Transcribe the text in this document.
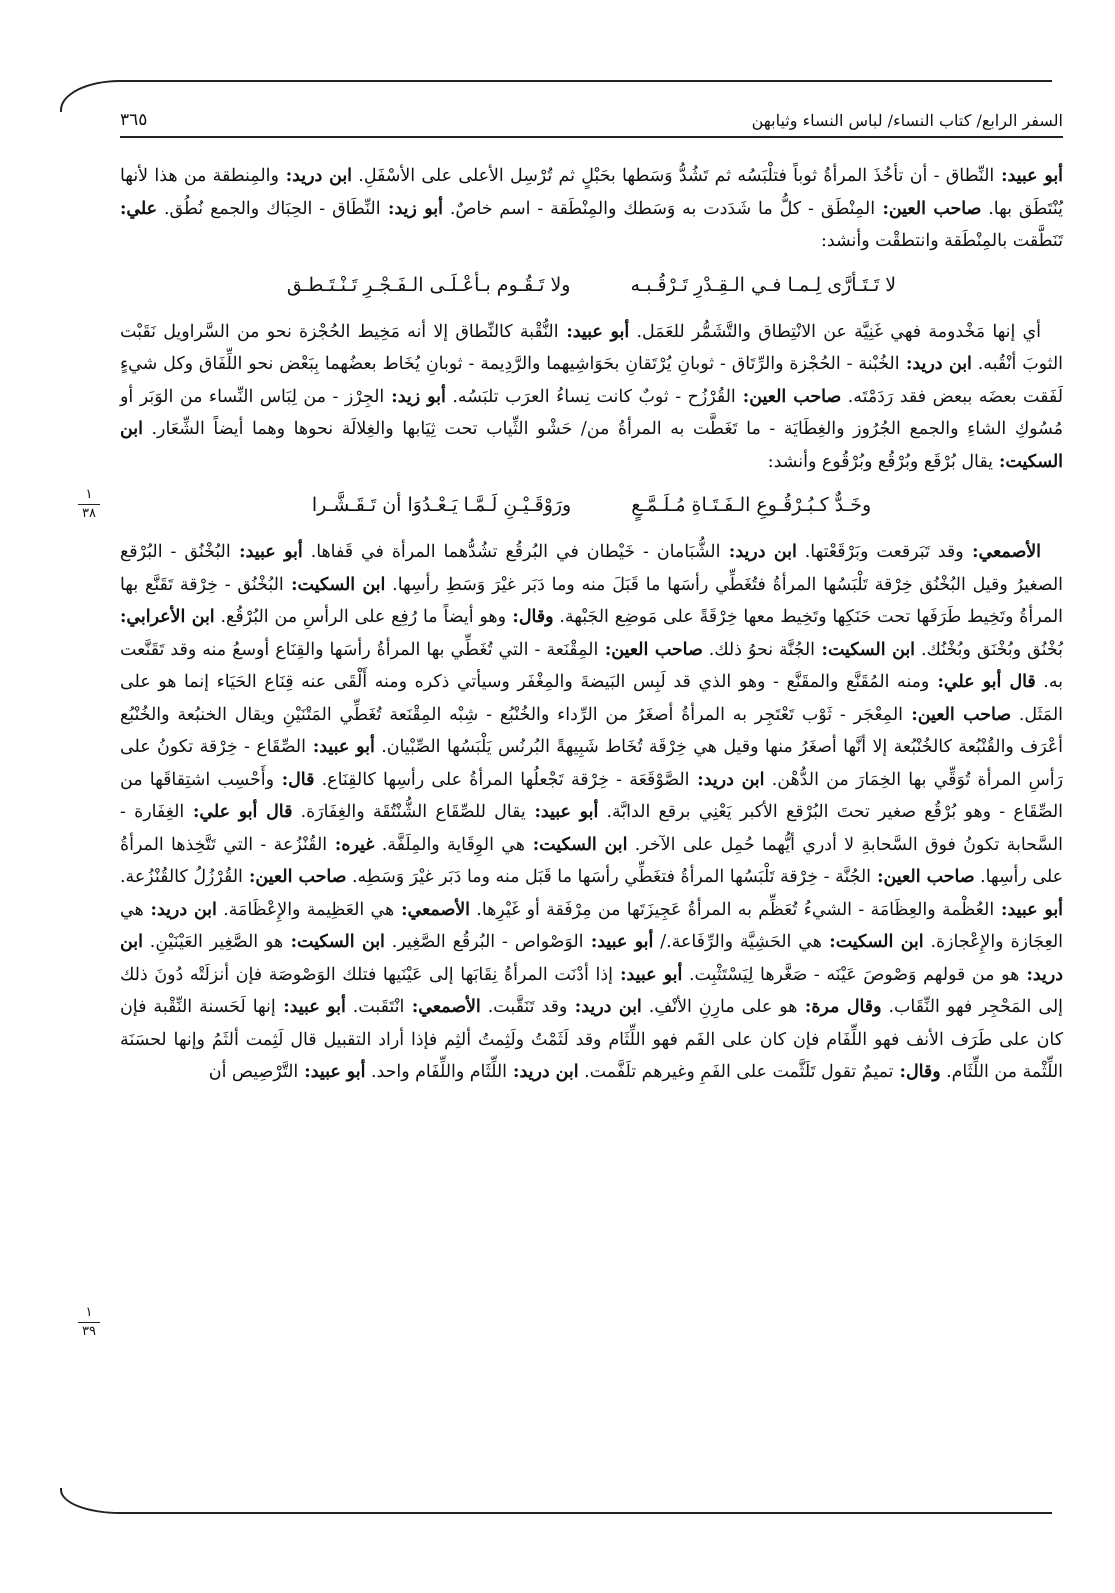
السفر الرابع/ كتاب النساء/ لباس النساء وثيابهن
٣٦٥
١
٣٨
١
٣٩

أبو عبيد: النِّطاق - أن تأخُذَ المرأةُ ثوباً فتلْبَسُه ثم تَشُدُّ وَسَطها بحَبْلٍ ثم تُرْسِل الأعلى على الأسْفَلِ. ابن دريد: والمِنطقة من هذا لأنها يُنْتَطَق بها. صاحب العين: المِنْطَق - كلُّ ما شَدَدت به وَسَطك والمِنْطَقة - اسم خاصٌ. أبو زيد: النِّطَاق - الحِبَاك والجمع نُطُق. علي: تَنَطَّقت بالمِنْطَقة وانتطقْت وأنشد:

لا تَـتَـأرَّى لِـمـا فـي الـقِـدْرِ تَـرْقُـبـه
ولا تَـقُـوم بـأعْـلَـى الـفَـجْـرِ تَـنْـتَـطـق

أي إنها مَخْدومة فهي غَنِيَّة عن الانْتِطاق والتَّشَمُّر للعَمَل. أبو عبيد: النُّقْبة كالنِّطاق إلا أنه مَخِيط الحُجْزة نحو من السَّراويل نَقَبْت الثوبَ أنْقُبه. ابن دريد: الخُبْنة - الحُجْزة والرِّتَاق - ثوبانِ يُرْتَقانِ بحَوَاشِيهما والرَّدِيمة - ثوبانِ يُخَاط بعضُهما بِبَعْض نحو اللِّفَاق وكل شيءٍ لَفَقت بعضَه ببعض فقد رَدَمْتَه. صاحب العين: القُرْزُح - ثوبٌ كانت نِساءُ العرَب تلبَسُه. أبو زيد: الجِرْز - من لِبَاس النِّساء من الوَبَر أو مُسُوكِ الشاءِ والجمع الجُرُوز والغِطَايَة - ما تَغَطَّت به المرأةُ من/ حَشْو الثِّياب تحت ثِيَابها والغِلالَة نحوها وهما أيضاً الشِّعَار. ابن السكيت: يقال بُرْقَع وبُرْقُع وبُرْقُوع وأنشد:

وخَـدٌّ كـبُـرْقُـوعِ الـفَـتَـاةِ مُـلَـمَّـعٍ
ورَوْقَـيْـنِ لَـمَّـا يَـعْـدُوَا أن تَـقَـشَّـرا

الأصمعي: وقد تَبَرقعت وبَرْقَعْتها. ابن دريد: الشُّبَامان - خَيْطان في البُرقُع تشُدُّهما المرأة في قَفاها. أبو عبيد: البُخْنُق - البُرْقع الصغيرُ وقيل البُخْنُق خِرْقة تَلْبَسُها المرأةُ فتُغَطِّي رأسَها ما قَبَلَ منه وما دَبَر غيْرَ وَسَطِ رأسِها. ابن السكيت: البُخْنُق - خِرْقة تَقَنَّع بها المرأةُ وتَخِيط طَرَفَها تحت حَنَكِها وتَخِيط معها خِرْقَةً على مَوضِع الجَبْهة. وقال: وهو أيضاً ما رُفِع على الرأسِ من البُرْقُع. ابن الأعرابي: بُخْنُق وبُخْنَق وبُخْنُك. ابن السكيت: الجُنَّة نحوُ ذلك. صاحب العين: المِقْنَعة - التي تُغَطِّي بها المرأةُ رأسَها والقِنَاع أوسعُ منه وقد تَقَنَّعت به. قال أبو علي: ومنه المُقَنَّع والمقَنَّع - وهو الذي قد لَبِس البَيضةَ والمِغْفَر وسيأتي ذكره ومنه أَلْقَى عنه قِنَاع الحَيَاء إنما هو على المَثَل. صاحب العين: المِعْجَر - ثَوْب تَعْتَجِر به المرأةُ أصغَرُ من الرِّداء والخُنْبُع - شِبْه المِقْنَعة تُغَطِّي المَتْنَيْنِ ويقال الخنبُعة والخُنْبُع أعْرَف والقُنْبُعة كالخُنْبُعة إلا أنَّها أصغَرُ منها وقيل هي خِرْقَة تُخَاط شَبِيهةً البُرنُس يَلْبَسُها الصِّبْيان. أبو عبيد: الصِّقَاع - خِرْقة تكونُ على رَأسِ المرأة تُوَقِّي بها الخِمَارَ من الدُّهْن. ابن دريد: الصَّوْقَعَة - خِرْقة تَجْعلُها المرأةُ على رأسِها كالقِنَاع. قال: وأَحْسِب اشتِقاقَها من الصِّقَاع - وهو بُرْقُع صغير تحتَ البُرْقع الأكبر يَعْنِي برقع الدابَّة. أبو عبيد: يقال للصِّقَاع الشُّنْتُقَة والغِفَارَة. قال أبو علي: الغِفَارة - السَّحابة تكونُ فوق السَّحابةِ لا أدري أيُّهما حُمِل على الآخر. ابن السكيت: هي الوِقَاية والمِلَفَّة. غيره: القُنْزُعة - التي تَتَّخِذها المرأةُ على رأسِها. صاحب العين: الجُنَّة - خِرْقة تَلْبَسُها المرأةُ فتغَطِّي رأسَها ما قَبَل منه وما دَبَر غيْرَ وَسَطِه. صاحب العين: القُرْزُلُ كالقُنْزُعة. أبو عبيد: العُظْمة والعِظَامَة - الشيءُ تُعَظِّم به المرأةُ عَجِيزَتَها من مِرْفَقة أو غَيْرِها. الأصمعي: هي العَظِيمة والإِعْظَامَة. ابن دريد: هي العِجَازة والإِعْجازة. ابن السكيت: هي الحَشِيَّة والرِّفَاعة./ أبو عبيد: الوَصْواص - البُرقُع الصَّغِير. ابن السكيت: هو الصَّغِير العَيْنَيْنِ. ابن دريد: هو من قولهم وَصْوصَ عَيْنَه - صَغَّرها لِيَسْتَثْبِت. أبو عبيد: إذا أدْنَت المرأةُ نِقَابَها إلى عَيْنَيها فتلك الوَصْوصَة فإن أنزلَتْه دُونَ ذلك إلى المَحْجِر فهو النِّقَاب. وقال مرة: هو على مارِنِ الأنْفِ. ابن دريد: وقد تَنَقَّبت. الأصمعي: انْتَقَبت. أبو عبيد: إنها لَحَسنة النِّقْبة فإن كان على طَرَف الأنف فهو اللِّفَام فإن كان على الفَم فهو اللِّثَام وقد لَثَمْتُ ولَثِمتُ ألثِم فإذا أراد التقبيل قال لَثِمت ألثَمُ وإنها لحسَنَة اللِّثْمة من اللِّثَام. وقال: تميمٌ تقول تَلَثَّمت على الفَمِ وغيرهم تلَفَّمت. ابن دريد: اللِّثَام واللِّفَام واحد. أبو عبيد: التَّرْصِيص أن
